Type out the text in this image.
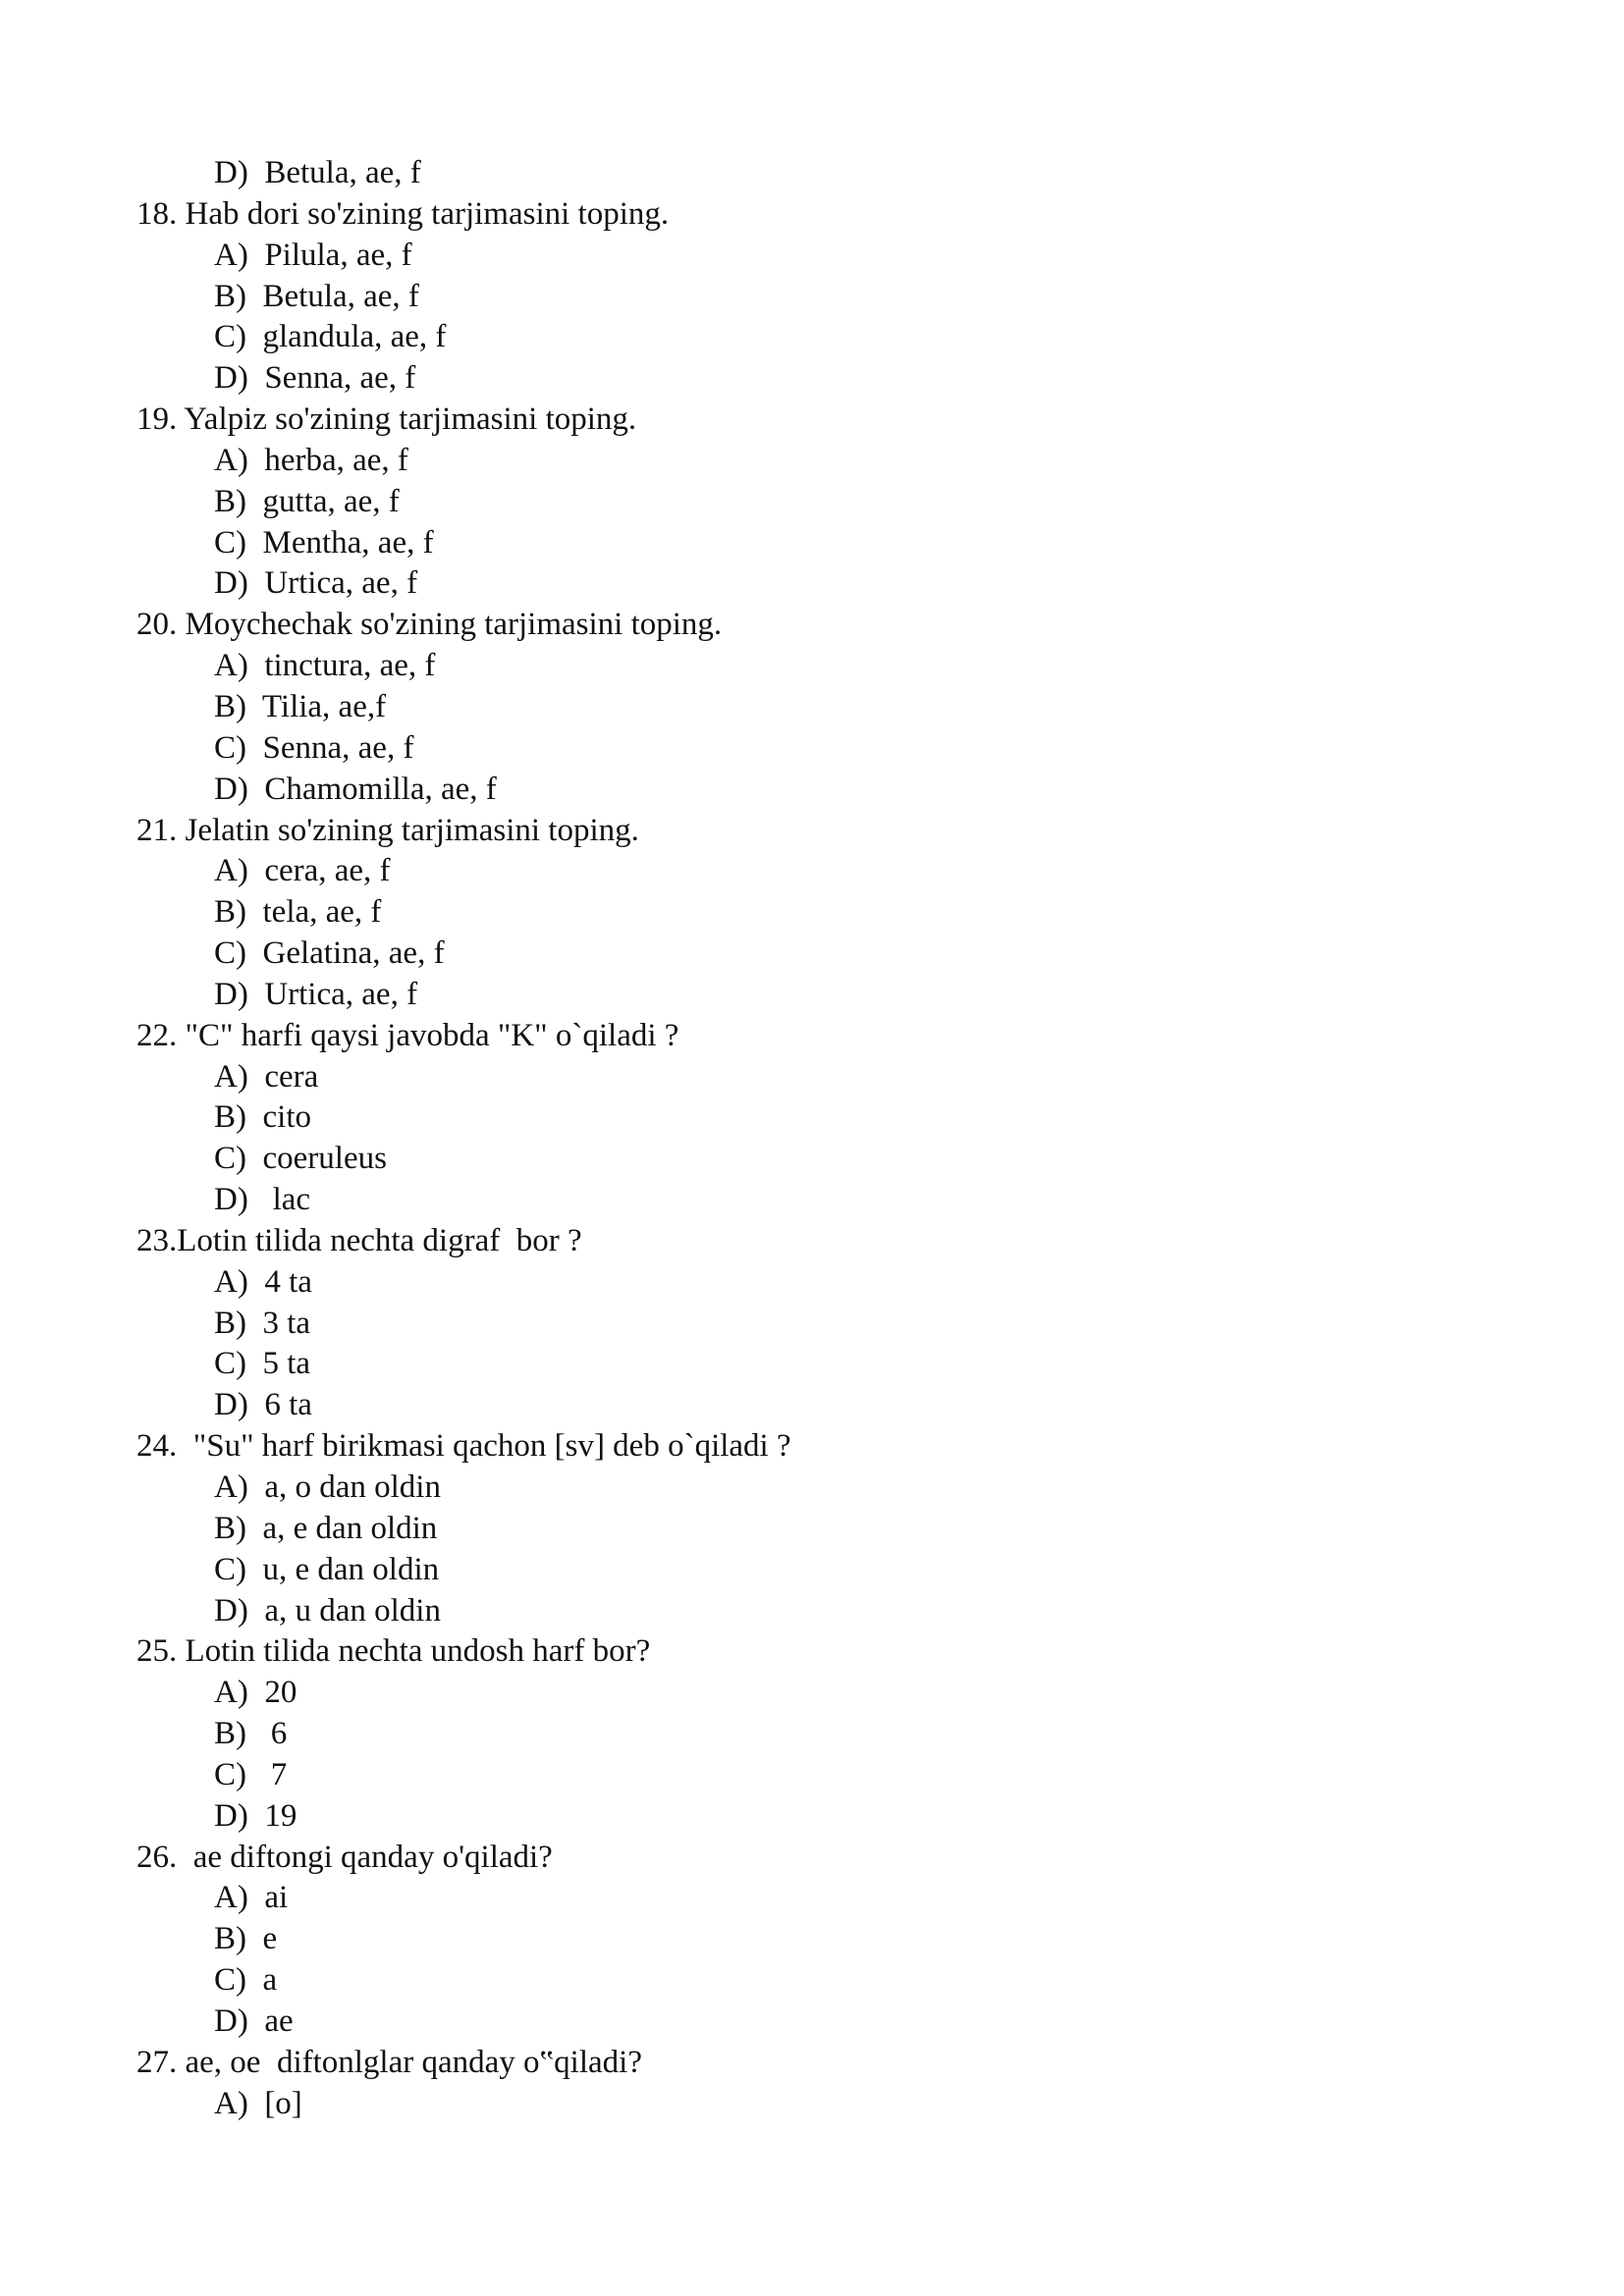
D)  Betula, ae, f
18. Hab dori so'zining tarjimasini toping.
A)  Pilula, ae, f
B)  Betula, ae, f
C)  glandula, ae, f
D)  Senna, ae, f
19. Yalpiz so'zining tarjimasini toping.
A)  herba, ae, f
B)  gutta, ae, f
C)  Mentha, ae, f
D)  Urtica, ae, f
20. Moychechak so'zining tarjimasini toping.
A)  tinctura, ae, f
B)  Tilia, ae,f
C)  Senna, ae, f
D)  Chamomilla, ae, f
21. Jelatin so'zining tarjimasini toping.
A)  cera, ae, f
B)  tela, ae, f
C)  Gelatina, ae, f
D)  Urtica, ae, f
22. "C" harfi qaysi javobda "K" o`qiladi ?
A)  cera
B)  cito
C)  coeruleus
D)   lac
23.Lotin tilida nechta digraf  bor ?
A)  4 ta
B)  3 ta
C)  5 ta
D)  6 ta
24.  "Su" harf birikmasi qachon [sv] deb o`qiladi ?
A)  a, o dan oldin
B)  a, e dan oldin
C)  u, e dan oldin
D)  a, u dan oldin
25. Lotin tilida nechta undosh harf bor?
A)  20
B)   6
C)   7
D)  19
26.  ae diftongi qanday o'qiladi?
A)  ai
B)  e
C)  a
D)  ae
27. ae, oe  diftonlglar qanday o‟qiladi?
A)  [o]
